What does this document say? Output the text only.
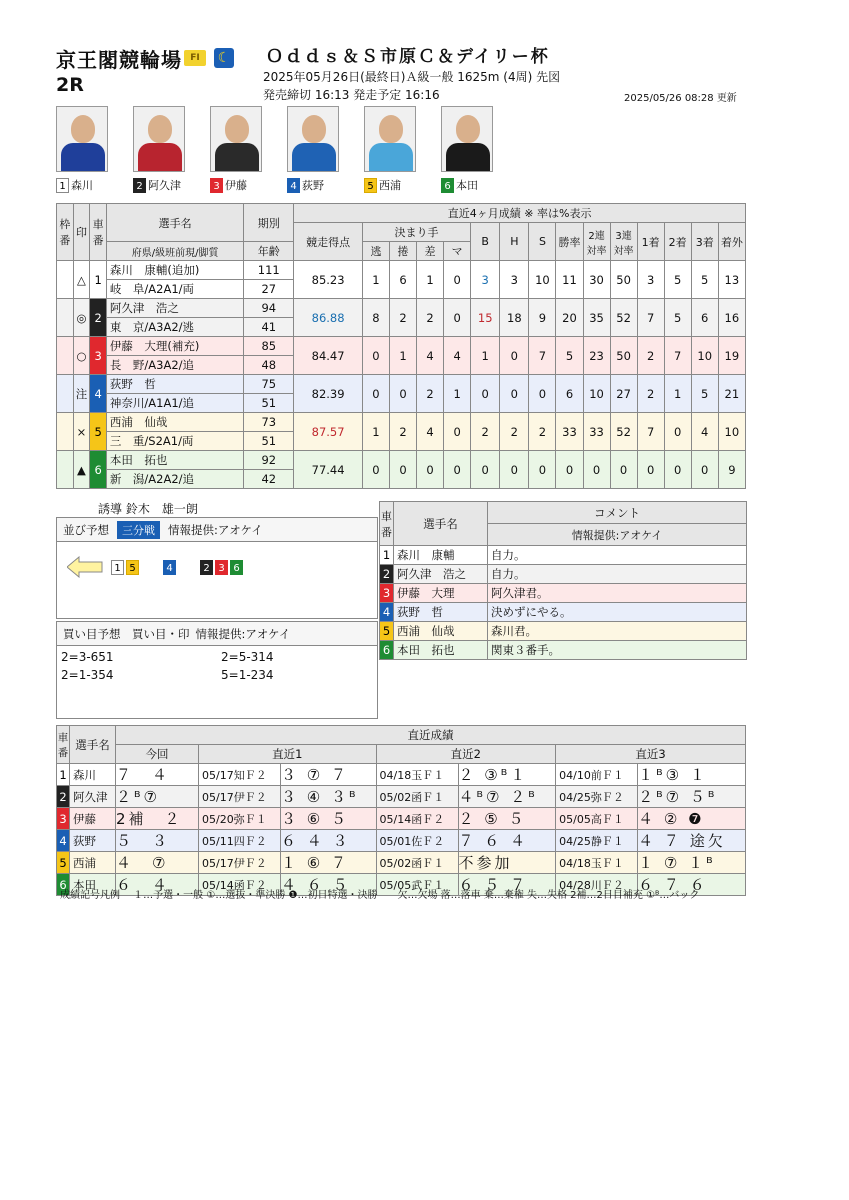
京王閣競輪場 FⅠ	☾
2R
Ｏｄｄｓ＆Ｓ市原Ｃ＆デイリー杯
2025年05月26日(最終日)Ａ級一般 1625m (4周) 先図
発売締切 16:13 発走予定 16:16	2025/05/26 08:28 更新
1 森川	2 阿久津	3 伊藤	4 荻野	5 西浦	6 本田
枠番	印	車番	選手名	期別	直近4ヶ月成績 ※ 率は%表示														
					競走得点	決まり手				B	H	S	勝率	2連対率	3連対率	1着	2着	3着	着外
			府県/級班前現/脚質	年齢		逃	捲	差	マ										
	△	1	森川　康輔(追加)	111	85.23	1	6	1	0	3	3	10	11	30	50	3	5	5	13
			岐　阜/A2A1/両	27															
	◎	2	阿久津　浩之	94	86.88	8	2	2	0	15	18	9	20	35	52	7	5	6	16
			東　京/A3A2/逃	41															
	○	3	伊藤　大理(補充)	85	84.47	0	1	4	4	1	0	7	5	23	50	2	7	10	19
			長　野/A3A2/追	48															
	注	4	荻野　哲	75	82.39	0	0	2	1	0	0	0	6	10	27	2	1	5	21
			神奈川/A1A1/追	51															
	×	5	西浦　仙哉	73	87.57	1	2	4	0	2	2	2	33	33	52	7	0	4	10
			三　重/S2A1/両	51															
	▲	6	本田　拓也	92	77.44	0	0	0	0	0	0	0	0	0	0	0	0	0	9
			新　潟/A2A2/追	42															
誘導 鈴木　雄一朗
並び予想	三分戦	情報提供:アオケイ
1 5	4	2 3 6
買い目予想　買い目・印 情報提供:アオケイ
2=3-651	2=5-314
2=1-354	5=1-234
車番	選手名	コメント
		情報提供:アオケイ
1	森川　康輔	自力。
2	阿久津　浩之	自力。
3	伊藤　大理	阿久津君。
4	荻野　哲	決めずにやる。
5	西浦　仙哉	森川君。
6	本田　拓也	関東３番手。
車番	選手名	直近成績						
		今回	直近1		直近2		直近3	
1	森川	７　４	05/17知Ｆ２	３ ⑦ ７	04/18玉Ｆ１	２ ③ᴮ１	04/10前Ｆ１	１ᴮ③ １
2	阿久津	２ᴮ⑦	05/17伊Ｆ２	３ ④ ３ᴮ	05/02函Ｆ１	４ᴮ⑦ ２ᴮ	04/25弥Ｆ２	２ᴮ⑦ ５ᴮ
3	伊藤	2補　２	05/20弥Ｆ１	３ ⑥ ５	05/14函Ｆ２	２ ⑤ ５	05/05高Ｆ１	４ ② ❼
4	荻野	５　３	05/11四Ｆ２	６ ４ ３	05/01佐Ｆ２	７ ６ ４	04/25静Ｆ１	４ ７ 途欠
5	西浦	４　⑦	05/17伊Ｆ２	１ ⑥ ７	05/02函Ｆ１	不参加	04/18玉Ｆ１	１ ⑦ １ᴮ
6	本田	６　４	05/14函Ｆ２	４ ６ ５	05/05武Ｆ１	６ ５ ７	04/28川Ｆ２	６ ７ ６
成績記号凡例　 １…予選・一般 ①…選抜・準決勝 ❶…初日特選・決勝　　欠…欠場 落…落車 棄…棄権 失…失格 2補…2日目補充 ①ᴮ…バック
